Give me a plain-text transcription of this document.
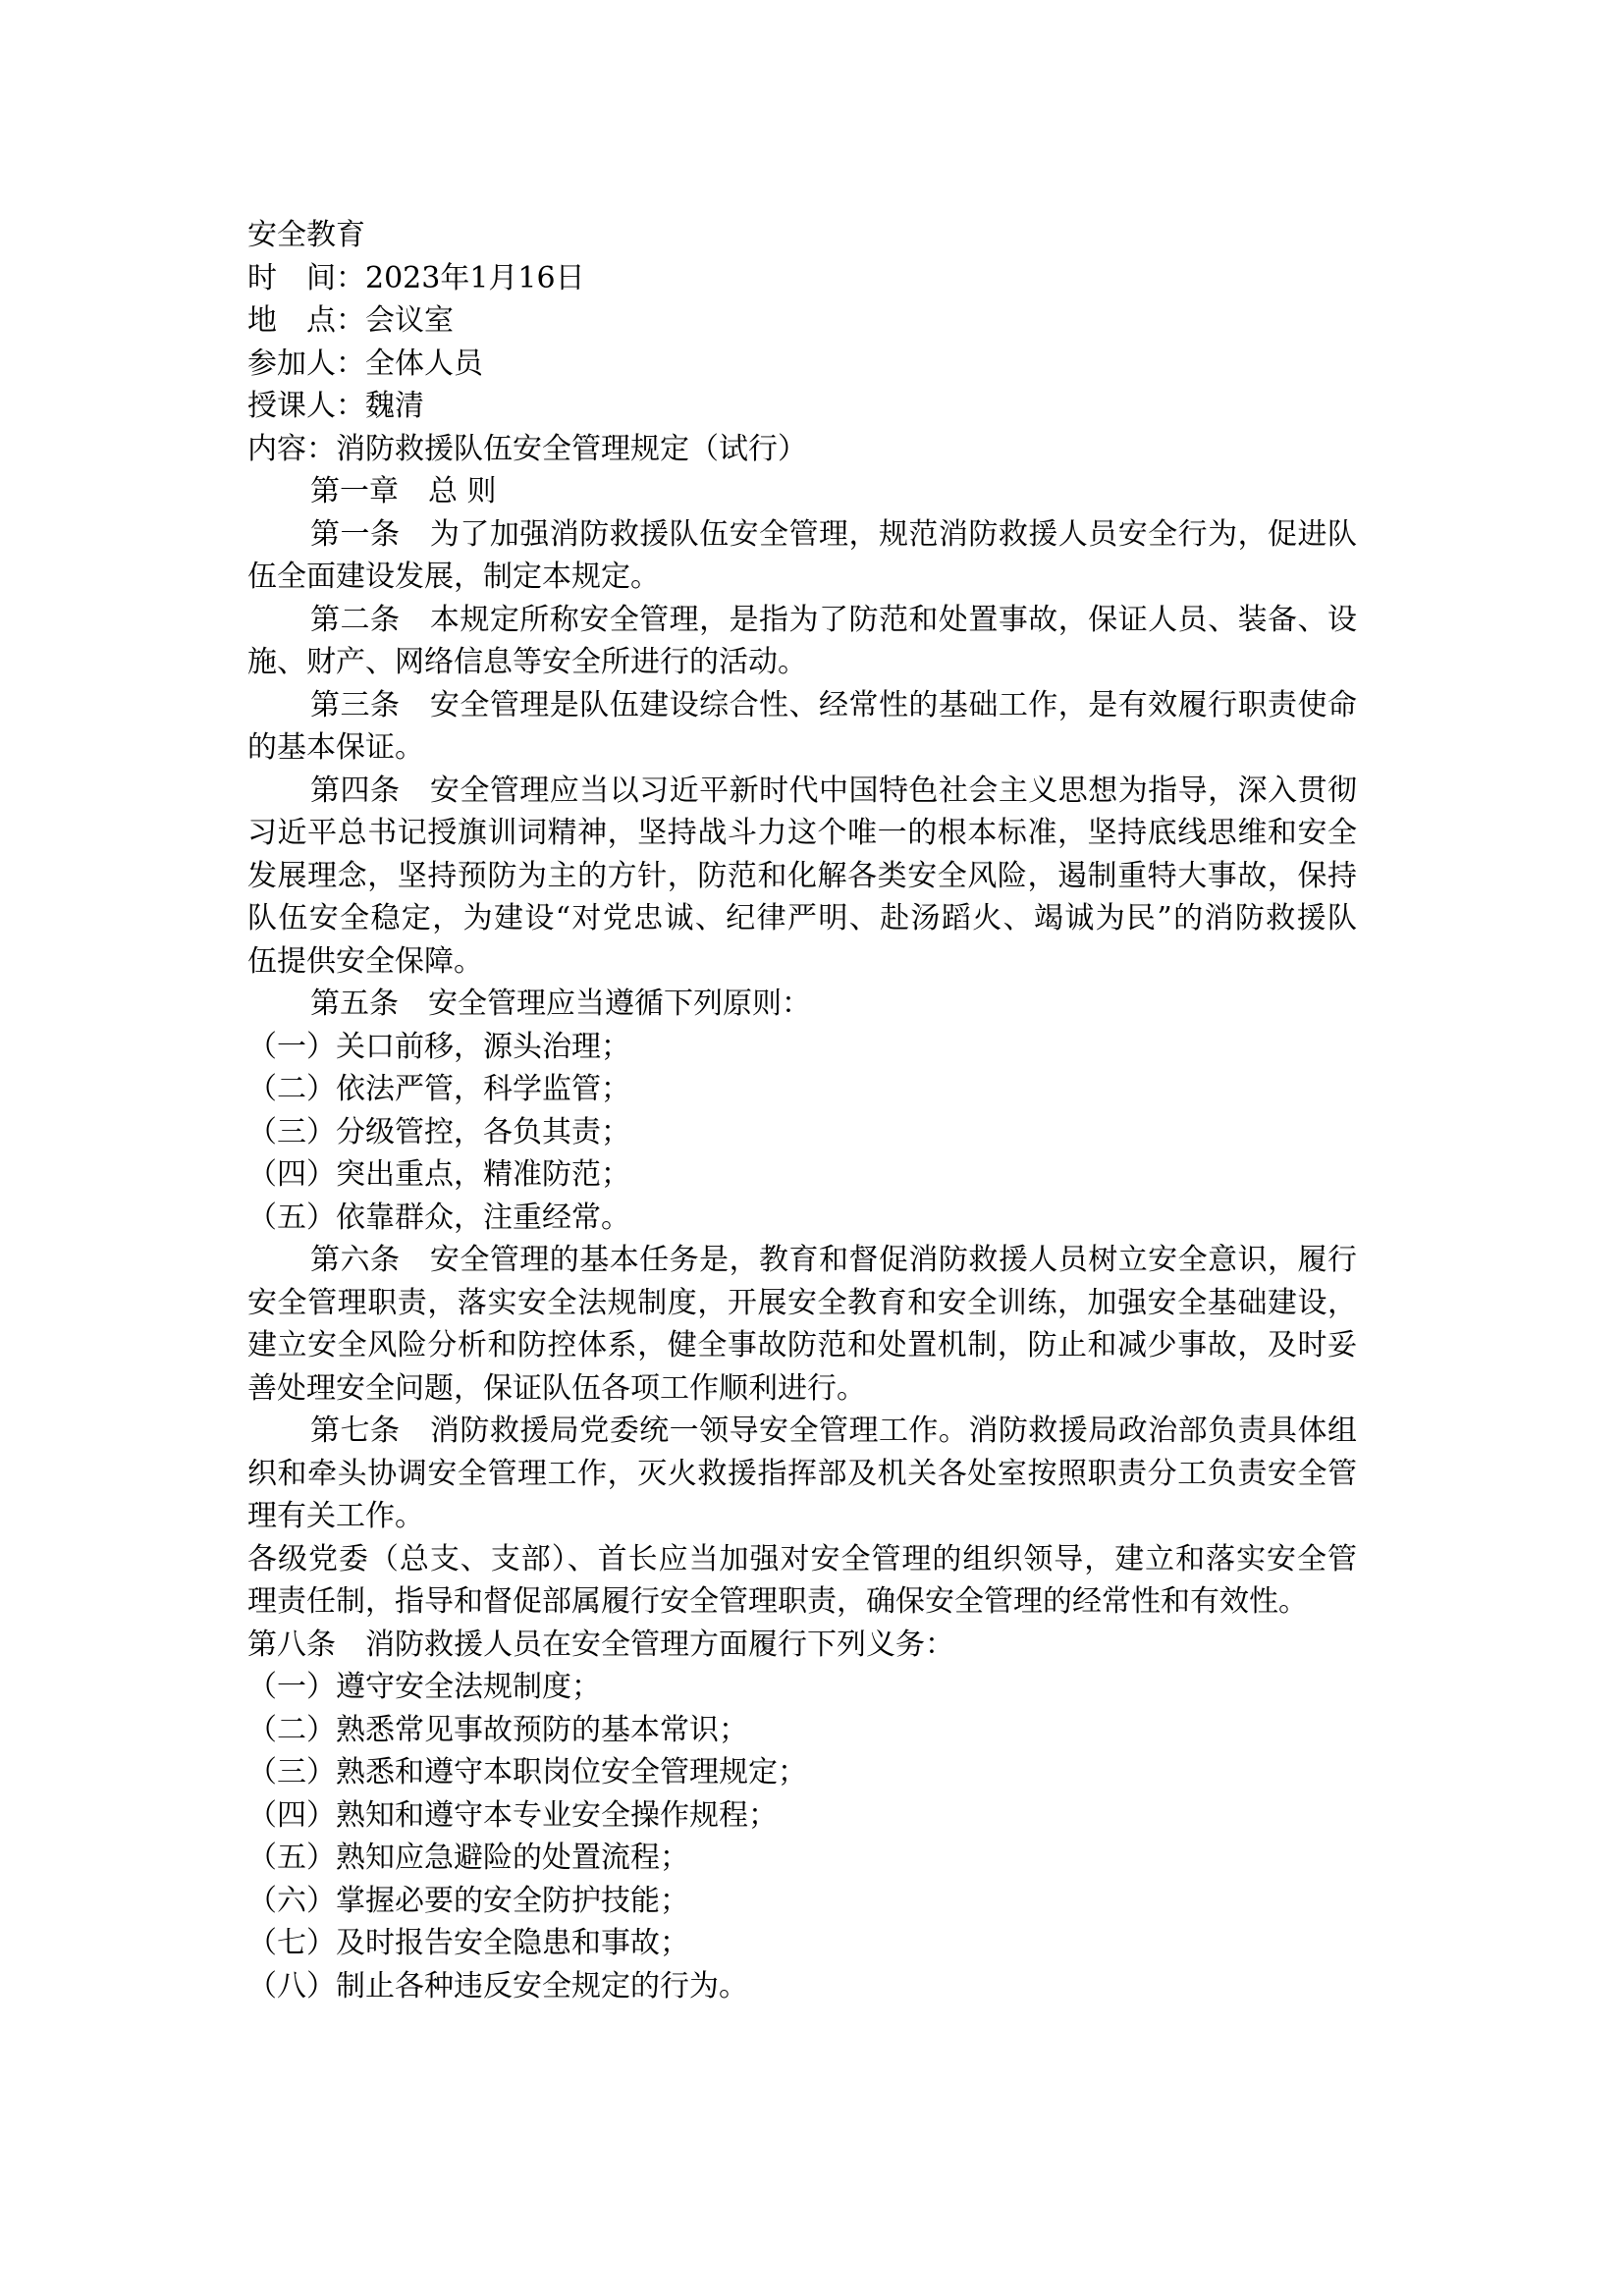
安全教育
时　间：2023年1月16日
地　点：会议室
参加人：全体人员
授课人：魏清
内容：消防救援队伍安全管理规定（试行）
第一章　总 则
第一条　为了加强消防救援队伍安全管理，规范消防救援人员安全行为，促进队
伍全面建设发展，制定本规定。
第二条　本规定所称安全管理，是指为了防范和处置事故，保证人员、装备、设
施、财产、网络信息等安全所进行的活动。
第三条　安全管理是队伍建设综合性、经常性的基础工作，是有效履行职责使命
的基本保证。
第四条　安全管理应当以习近平新时代中国特色社会主义思想为指导，深入贯彻
习近平总书记授旗训词精神，坚持战斗力这个唯一的根本标准，坚持底线思维和安全
发展理念，坚持预防为主的方针，防范和化解各类安全风险，遏制重特大事故，保持
队伍安全稳定，为建设“对党忠诚、纪律严明、赴汤蹈火、竭诚为民”的消防救援队
伍提供安全保障。
第五条　安全管理应当遵循下列原则：
（一）关口前移，源头治理；
（二）依法严管，科学监管；
（三）分级管控，各负其责；
（四）突出重点，精准防范；
（五）依靠群众，注重经常。
第六条　安全管理的基本任务是，教育和督促消防救援人员树立安全意识，履行
安全管理职责，落实安全法规制度，开展安全教育和安全训练，加强安全基础建设，
建立安全风险分析和防控体系，健全事故防范和处置机制，防止和减少事故，及时妥
善处理安全问题，保证队伍各项工作顺利进行。
第七条　消防救援局党委统一领导安全管理工作。消防救援局政治部负责具体组
织和牵头协调安全管理工作，灭火救援指挥部及机关各处室按照职责分工负责安全管
理有关工作。
各级党委（总支、支部）、首长应当加强对安全管理的组织领导，建立和落实安全管
理责任制，指导和督促部属履行安全管理职责，确保安全管理的经常性和有效性。
第八条　消防救援人员在安全管理方面履行下列义务：
（一）遵守安全法规制度；
（二）熟悉常见事故预防的基本常识；
（三）熟悉和遵守本职岗位安全管理规定；
（四）熟知和遵守本专业安全操作规程；
（五）熟知应急避险的处置流程；
（六）掌握必要的安全防护技能；
（七）及时报告安全隐患和事故；
（八）制止各种违反安全规定的行为。
